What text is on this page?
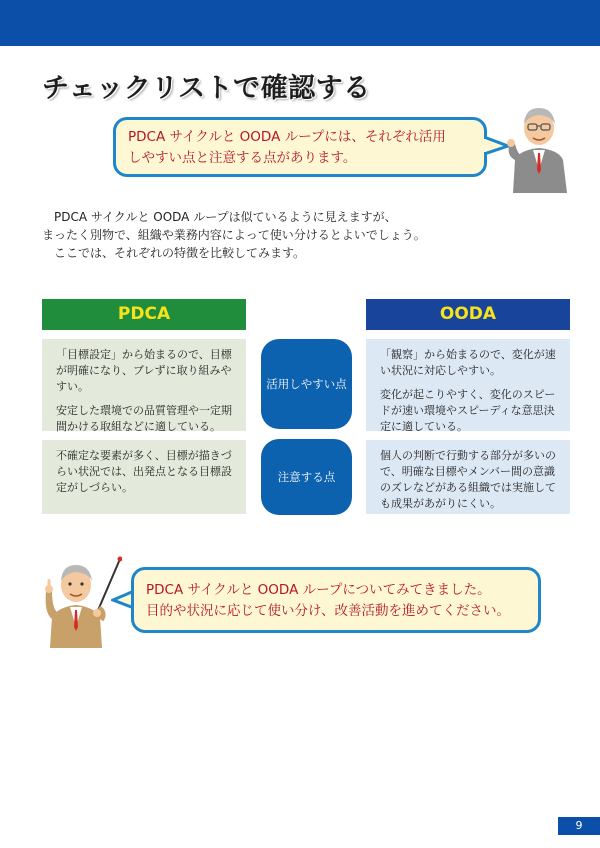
チェックリストで確認する

PDCA サイクルと OODA ループには、それぞれ活用

しやすい点と注意する点があります。

　PDCA サイクルと OODA ループは似ているように見えますが、

まったく別物で、組織や業務内容によって使い分けるとよいでしょう。

　ここでは、それぞれの特徴を比較してみます。

PDCA	OODA

「目標設定」から始まるので、目標が明確になり、ブレずに取り組みやすい。

安定した環境での品質管理や一定期間かける取組などに適している。

活用しやすい点

「観察」から始まるので、変化が速い状況に対応しやすい。

変化が起こりやすく、変化のスピードが速い環境やスピーディな意思決定に適している。

不確定な要素が多く、目標が描きづらい状況では、出発点となる目標設定がしづらい。

注意する点

個人の判断で行動する部分が多いので、明確な目標やメンバー間の意識のズレなどがある組織では実施しても成果があがりにくい。

PDCA サイクルと OODA ループについてみてきました。

目的や状況に応じて使い分け、改善活動を進めてください。

9
